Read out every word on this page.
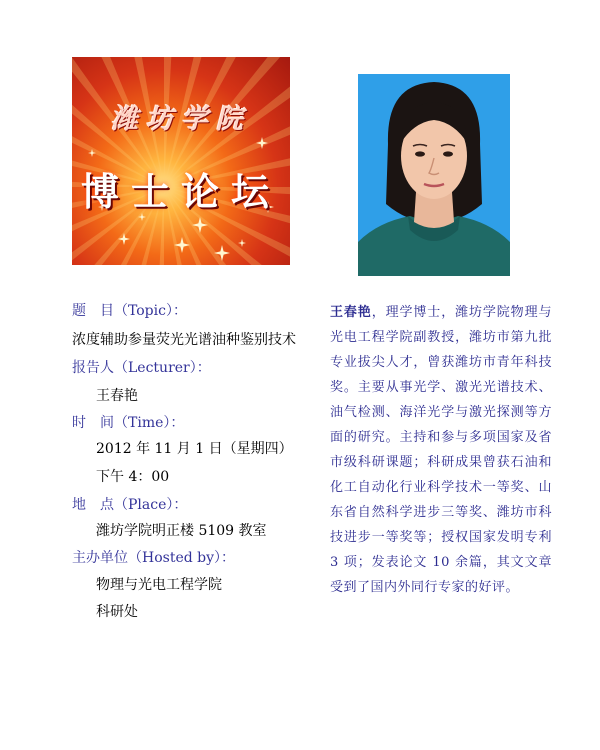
潍坊学院
博士论坛
题　目（Topic）：
浓度辅助参量荧光光谱油种鉴别技术
报告人（Lecturer）：
王春艳
时　间（Time）：
2012 年 11 月 1 日（星期四）
下午 4：00
地　点（Place）：
潍坊学院明正楼 5109 教室
主办单位（Hosted by）：
物理与光电工程学院
科研处
王春艳，理学博士，潍坊学院物理与光电工程学院副教授，潍坊市第九批专业拔尖人才，曾获潍坊市青年科技奖。主要从事光学、激光光谱技术、油气检测、海洋光学与激光探测等方面的研究。主持和参与多项国家及省市级科研课题；科研成果曾获石油和化工自动化行业科学技术一等奖、山东省自然科学进步三等奖、潍坊市科技进步一等奖等；授权国家发明专利 3 项；发表论文 10 余篇，其文文章受到了国内外同行专家的好评。
